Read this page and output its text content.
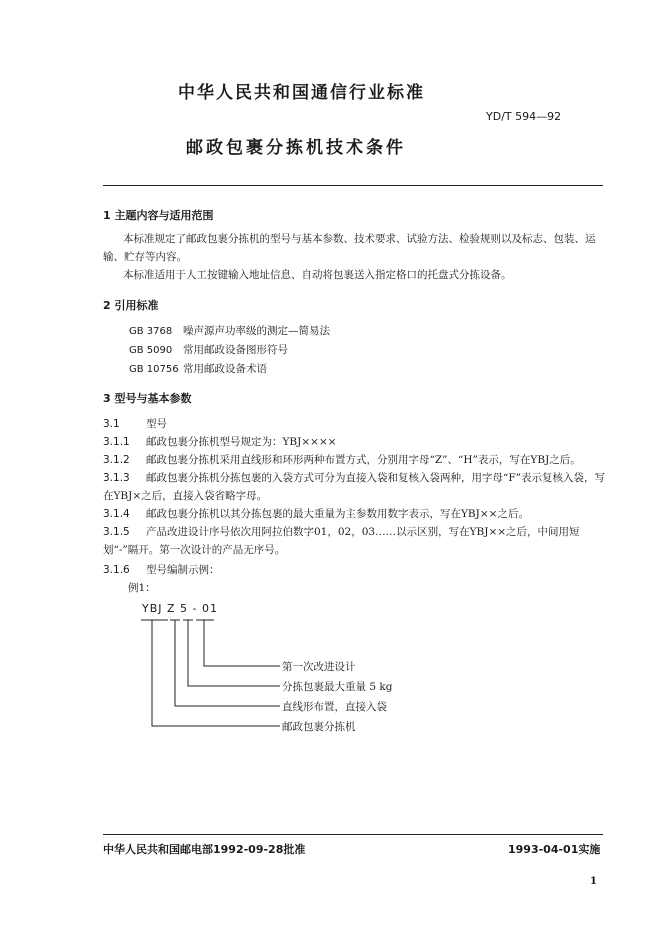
中华人民共和国通信行业标准
YD/T 594—92
邮政包裹分拣机技术条件
1 主题内容与适用范围
本标准规定了邮政包裹分拣机的型号与基本参数、技术要求、试验方法、检验规则以及标志、包装、运输、贮存等内容。
本标准适用于人工按键输入地址信息、自动将包裹送入指定格口的托盘式分拣设备。
2 引用标准
GB 3768 噪声源声功率级的测定—简易法
GB 5090 常用邮政设备图形符号
GB 10756 常用邮政设备术语
3 型号与基本参数
3.1	型号
3.1.1 邮政包裹分拣机型号规定为：YBJ××××
3.1.2 邮政包裹分拣机采用直线形和环形两种布置方式，分别用字母“Z”、“H”表示，写在YBJ之后。
3.1.3 邮政包裹分拣机分拣包裹的入袋方式可分为直接入袋和复核入袋两种，用字母“F”表示复核入袋，写在YBJ×之后，直接入袋省略字母。
3.1.4 邮政包裹分拣机以其分拣包裹的最大重量为主参数用数字表示，写在YBJ××之后。
3.1.5 产品改进设计序号依次用阿拉伯数字01，02，03……以示区别，写在YBJ××之后，中间用短划“-”隔开。第一次设计的产品无序号。
3.1.6 型号编制示例：
例1：
YBJ Z 5 - 01
第一次改进设计
分拣包裹最大重量 5 kg
直线形布置，直接入袋
邮政包裹分拣机
中华人民共和国邮电部1992-09-28批准	1993-04-01实施
1
